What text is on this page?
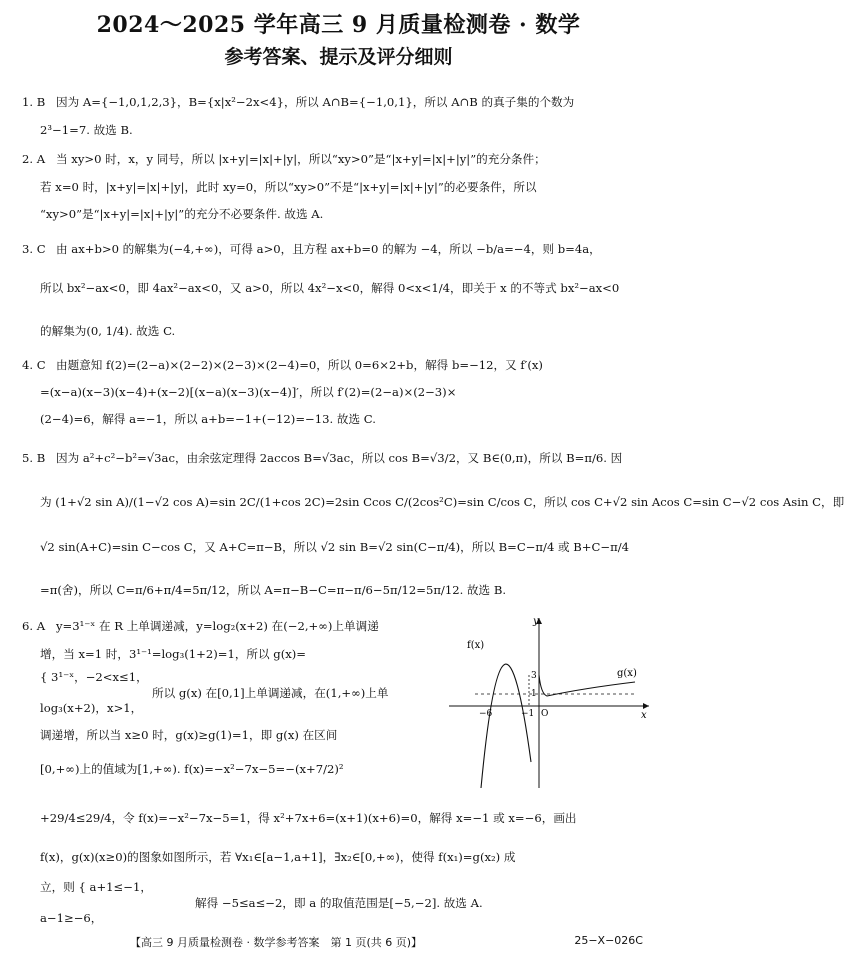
2024～2025 学年高三 9 月质量检测卷 · 数学
参考答案、提示及评分细则

1. B 因为 A={−1,0,1,2,3}，B={x|x²−2x<4}，所以 A∩B={−1,0,1}，所以 A∩B 的真子集的个数为

2³−1=7. 故选 B.

2. A 当 xy>0 时，x，y 同号，所以 |x+y|=|x|+|y|，所以“xy>0”是“|x+y|=|x|+|y|”的充分条件；

若 x=0 时，|x+y|=|x|+|y|，此时 xy=0，所以“xy>0”不是“|x+y|=|x|+|y|”的必要条件，所以

“xy>0”是“|x+y|=|x|+|y|”的充分不必要条件. 故选 A.

3. C 由 ax+b>0 的解集为(−4,+∞)，可得 a>0，且方程 ax+b=0 的解为 −4，所以 −b/a=−4，则 b=4a，

所以 bx²−ax<0，即 4ax²−ax<0，又 a>0，所以 4x²−x<0，解得 0<x<1/4，即关于 x 的不等式 bx²−ax<0

的解集为(0, 1/4). 故选 C.

4. C 由题意知 f(2)=(2−a)×(2−2)×(2−3)×(2−4)=0，所以 0=6×2+b，解得 b=−12，又 f′(x)

=(x−a)(x−3)(x−4)+(x−2)[(x−a)(x−3)(x−4)]′，所以 f′(2)=(2−a)×(2−3)×

(2−4)=6，解得 a=−1，所以 a+b=−1+(−12)=−13. 故选 C.

5. B 因为 a²+c²−b²=√3ac，由余弦定理得 2accos B=√3ac，所以 cos B=√3/2，又 B∈(0,π)，所以 B=π/6. 因

为 (1+√2 sin A)/(1−√2 cos A)=sin 2C/(1+cos 2C)=2sin Ccos C/(2cos²C)=sin C/cos C，所以 cos C+√2 sin Acos C=sin C−√2 cos Asin C，即

√2 sin(A+C)=sin C−cos C，又 A+C=π−B，所以 √2 sin B=√2 sin(C−π/4)，所以 B=C−π/4 或 B+C−π/4

=π(舍)，所以 C=π/6+π/4=5π/12，所以 A=π−B−C=π−π/6−5π/12=5π/12. 故选 B.

6. A y=3¹⁻ˣ 在 R 上单调递减，y=log₂(x+2) 在(−2,+∞)上单调递

增，当 x=1 时，3¹⁻¹=log₃(1+2)=1，所以 g(x)=

{ 3¹⁻ˣ，−2<x≤1，

所以 g(x) 在[0,1]上单调递减，在(1,+∞)上单

log₃(x+2)，x>1，

调递增，所以当 x≥0 时，g(x)≥g(1)=1，即 g(x) 在区间

[0,+∞)上的值域为[1,+∞). f(x)=−x²−7x−5=−(x+7/2)²

+29/4≤29/4，令 f(x)=−x²−7x−5=1，得 x²+7x+6=(x+1)(x+6)=0，解得 x=−1 或 x=−6，画出

f(x)，g(x)(x≥0)的图象如图所示，若 ∀x₁∈[a−1,a+1]，∃x₂∈[0,+∞)，使得 f(x₁)=g(x₂) 成

立，则 { a+1≤−1，

解得 −5≤a≤−2，即 a 的取值范围是[−5,−2]. 故选 A.

a−1≥−6，

f(x)
g(x)
y
x
O
−6	−1
3
1
【高三 9 月质量检测卷 · 数学参考答案　第 1 页(共 6 页)】	25−X−026C
